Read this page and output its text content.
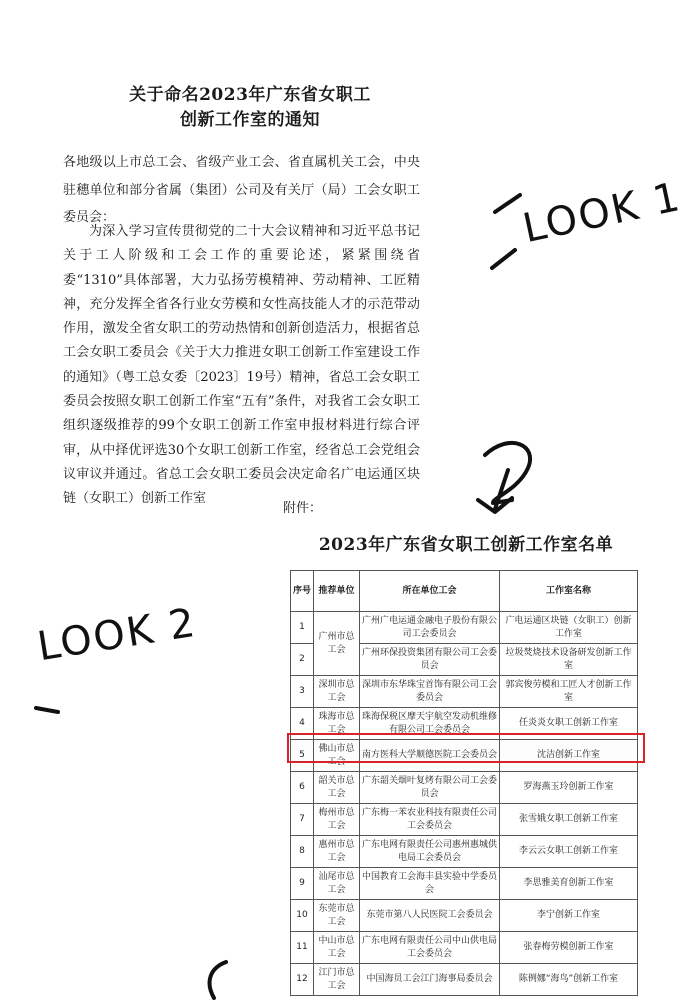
关于命名2023年广东省女职工
创新工作室的通知
各地级以上市总工会、省级产业工会、省直属机关工会，中央驻穗单位和部分省属（集团）公司及有关厅（局）工会女职工委员会：
为深入学习宣传贯彻党的二十大会议精神和习近平总书记关于工人阶级和工会工作的重要论述，紧紧围绕省委“1310”具体部署，大力弘扬劳模精神、劳动精神、工匠精神，充分发挥全省各行业女劳模和女性高技能人才的示范带动作用，激发全省女职工的劳动热情和创新创造活力，根据省总工会女职工委员会《关于大力推进女职工创新工作室建设工作的通知》（粤工总女委〔2023〕19号）精神，省总工会女职工委员会按照女职工创新工作室“五有”条件，对我省工会女职工组织逐级推荐的99个女职工创新工作室申报材料进行综合评审，从中择优评选30个女职工创新工作室，经省总工会党组会议审议并通过。省总工会女职工委员会决定命名广电运通区块链（女职工）创新工作室
附件：
2023年广东省女职工创新工作室名单
序号	推荐单位	所在单位工会	工作室名称
1	广州市总工会	广州广电运通金融电子股份有限公司工会委员会	广电运通区块链（女职工）创新工作室
2		广州环保投资集团有限公司工会委员会	垃圾焚烧技术设备研发创新工作室
3	深圳市总工会	深圳市东华珠宝首饰有限公司工会委员会	郭宾俊劳模和工匠人才创新工作室
4	珠海市总工会	珠海保税区摩天宇航空发动机维修有限公司工会委员会	任炎炎女职工创新工作室
5	佛山市总工会	南方医科大学顺德医院工会委员会	沈洁创新工作室
6	韶关市总工会	广东韶关烟叶复烤有限公司工会委员会	罗海燕玉玲创新工作室
7	梅州市总工会	广东梅一苯农业科技有限责任公司工会委员会	张雪娥女职工创新工作室
8	惠州市总工会	广东电网有限责任公司惠州惠城供电局工会委员会	李云云女职工创新工作室
9	汕尾市总工会	中国教育工会海丰县实验中学委员会	李思雅美育创新工作室
10	东莞市总工会	东莞市第八人民医院工会委员会	李宁创新工作室
11	中山市总工会	广东电网有限责任公司中山供电局工会委员会	张春梅劳模创新工作室
12	江门市总工会	中国海员工会江门海事局委员会	陈例娜“海鸟”创新工作室
LOOK 1
LOOK 2
